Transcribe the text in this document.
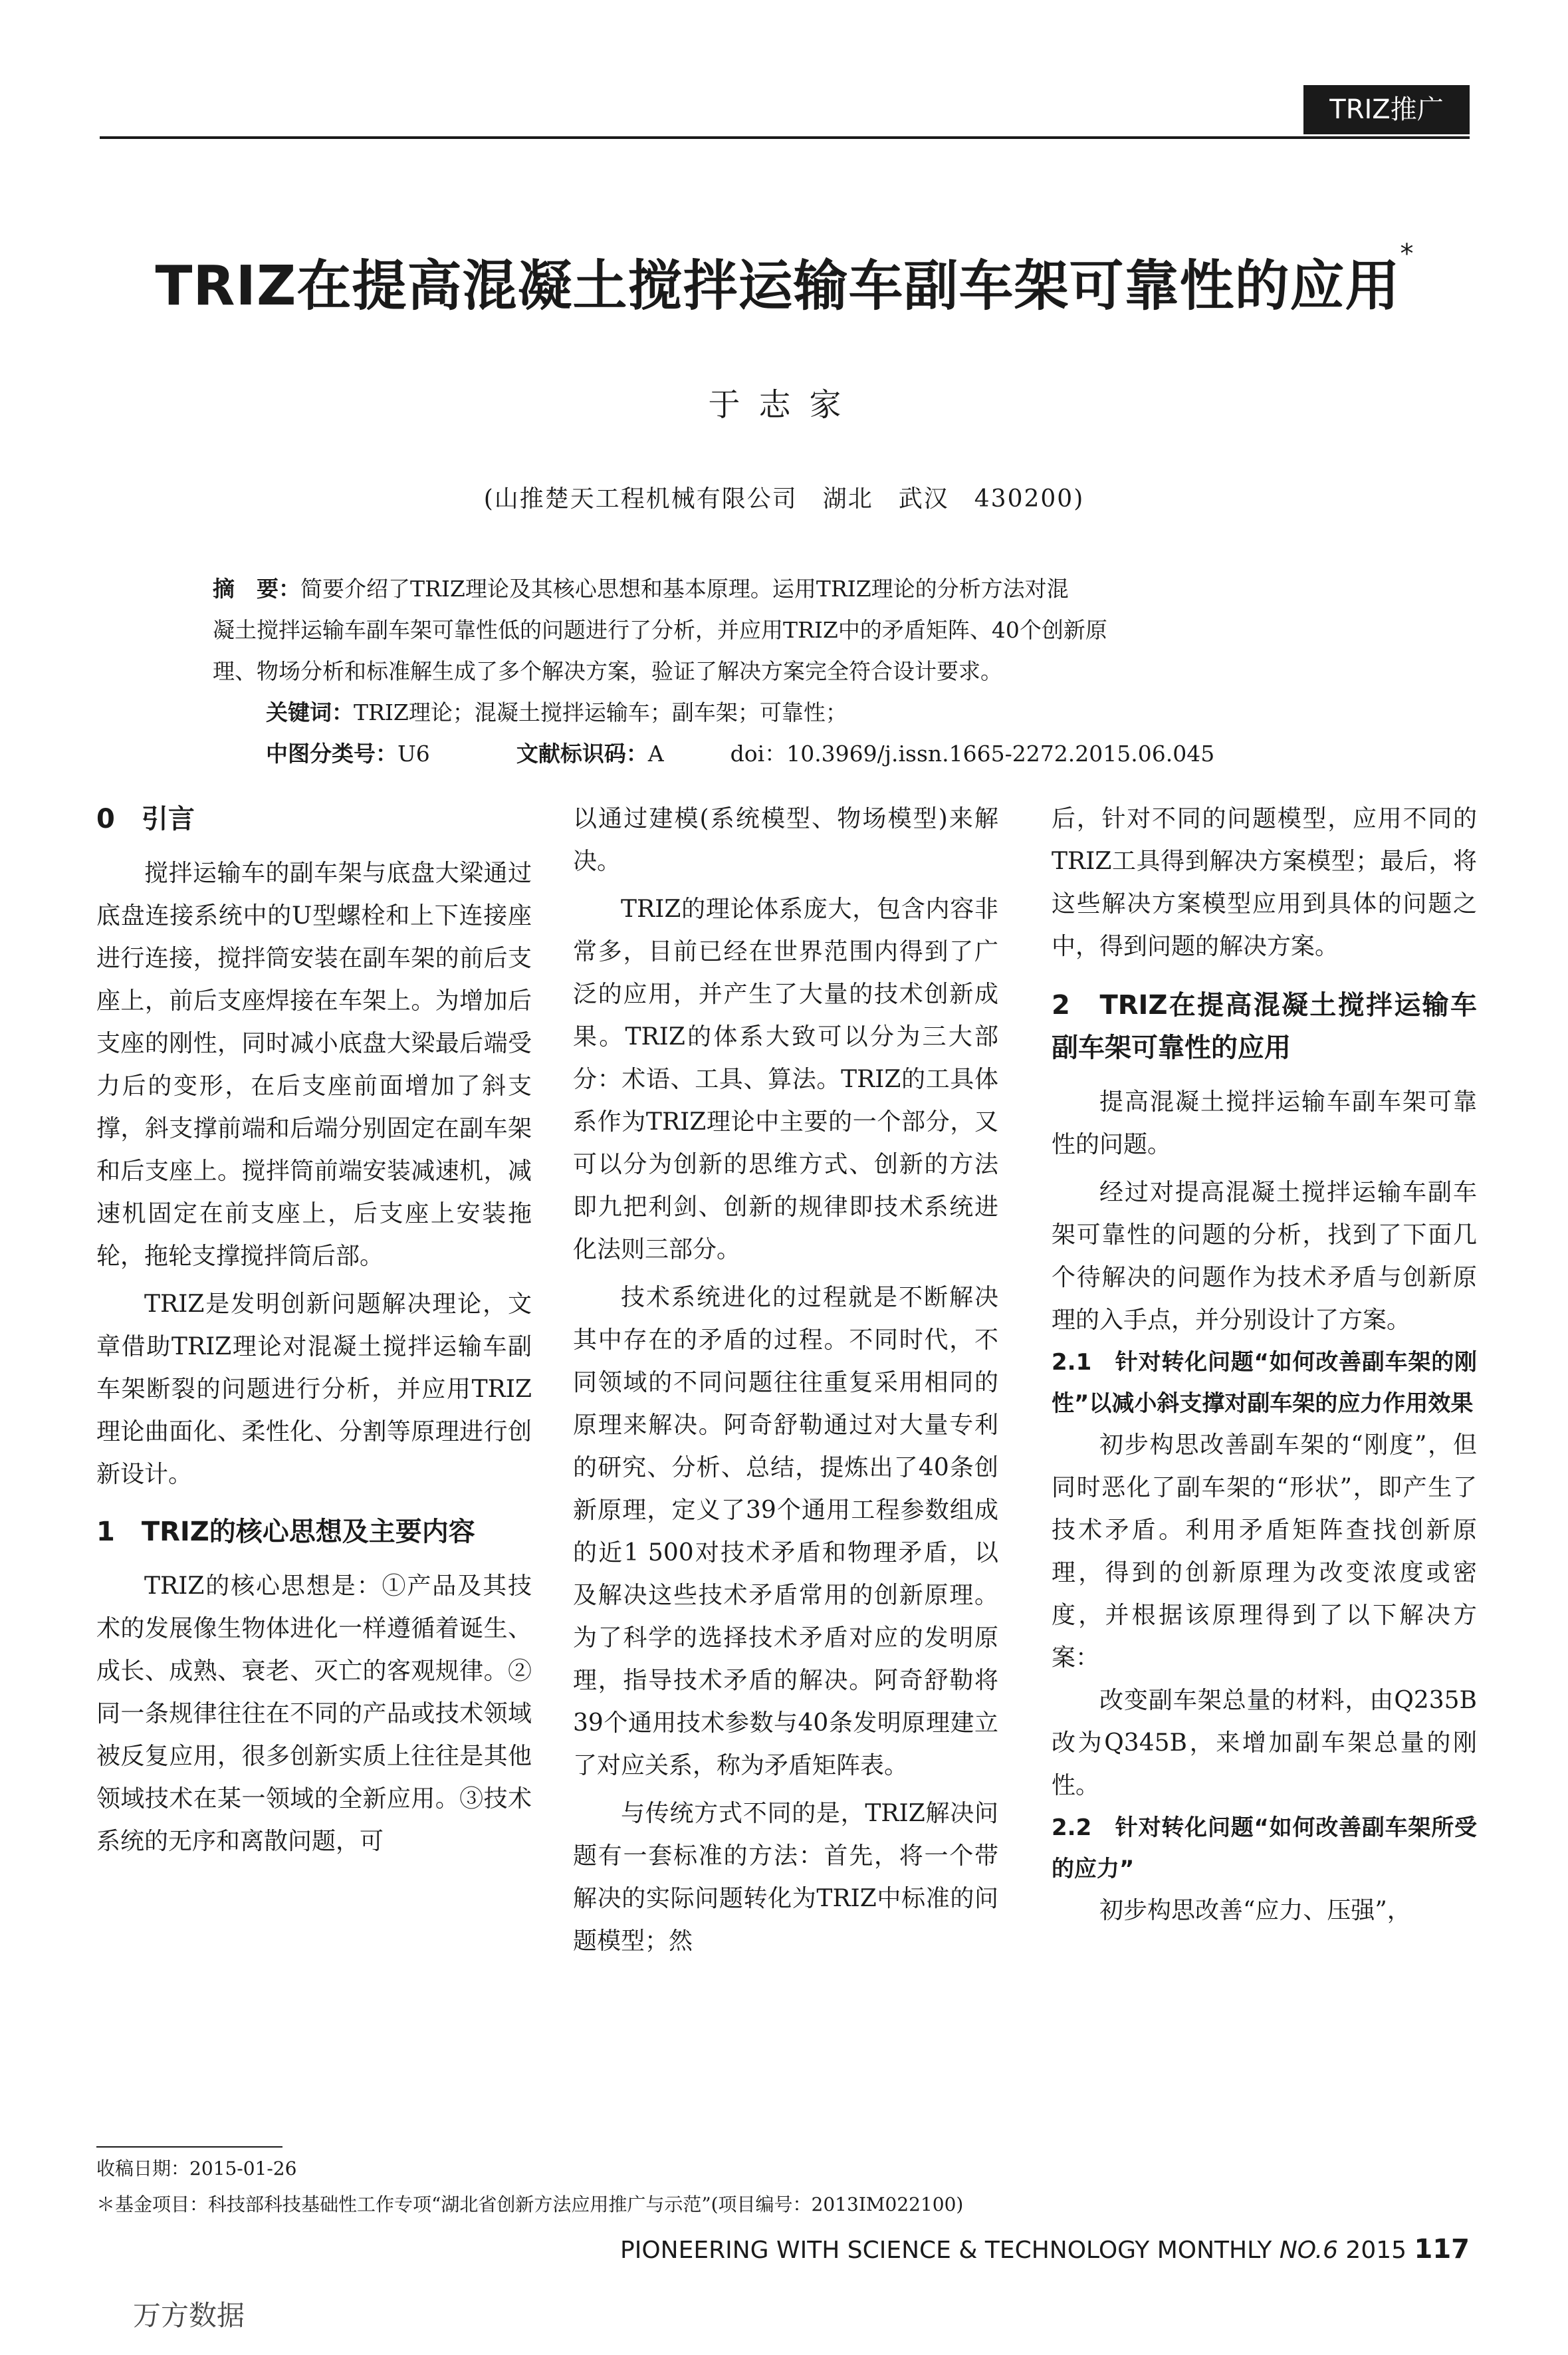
TRIZ推广
TRIZ在提高混凝土搅拌运输车副车架可靠性的应用*
于志家
(山推楚天工程机械有限公司　湖北　武汉　430200)
摘　要：简要介绍了TRIZ理论及其核心思想和基本原理。运用TRIZ理论的分析方法对混
凝土搅拌运输车副车架可靠性低的问题进行了分析，并应用TRIZ中的矛盾矩阵、40个创新原
理、物场分析和标准解生成了多个解决方案，验证了解决方案完全符合设计要求。
关键词：TRIZ理论；混凝土搅拌运输车；副车架；可靠性；
中图分类号：U6	文献标识码：A	doi：10.3969/j.issn.1665-2272.2015.06.045
0　引言

搅拌运输车的副车架与底盘大梁通过底盘连接系统中的U型螺栓和上下连接座进行连接，搅拌筒安装在副车架的前后支座上，前后支座焊接在车架上。为增加后支座的刚性，同时减小底盘大梁最后端受力后的变形，在后支座前面增加了斜支撑，斜支撑前端和后端分别固定在副车架和后支座上。搅拌筒前端安装减速机，减速机固定在前支座上，后支座上安装拖轮，拖轮支撑搅拌筒后部。

TRIZ是发明创新问题解决理论，文章借助TRIZ理论对混凝土搅拌运输车副车架断裂的问题进行分析，并应用TRIZ理论曲面化、柔性化、分割等原理进行创新设计。

1　TRIZ的核心思想及主要内容

TRIZ的核心思想是：①产品及其技术的发展像生物体进化一样遵循着诞生、成长、成熟、衰老、灭亡的客观规律。②同一条规律往往在不同的产品或技术领域被反复应用，很多创新实质上往往是其他领域技术在某一领域的全新应用。③技术系统的无序和离散问题，可

以通过建模(系统模型、物场模型)来解决。

TRIZ的理论体系庞大，包含内容非常多，目前已经在世界范围内得到了广泛的应用，并产生了大量的技术创新成果。TRIZ的体系大致可以分为三大部分：术语、工具、算法。TRIZ的工具体系作为TRIZ理论中主要的一个部分，又可以分为创新的思维方式、创新的方法即九把利剑、创新的规律即技术系统进化法则三部分。

技术系统进化的过程就是不断解决其中存在的矛盾的过程。不同时代，不同领域的不同问题往往重复采用相同的原理来解决。阿奇舒勒通过对大量专利的研究、分析、总结，提炼出了40条创新原理，定义了39个通用工程参数组成的近1 500对技术矛盾和物理矛盾，以及解决这些技术矛盾常用的创新原理。为了科学的选择技术矛盾对应的发明原理，指导技术矛盾的解决。阿奇舒勒将39个通用技术参数与40条发明原理建立了对应关系，称为矛盾矩阵表。

与传统方式不同的是，TRIZ解决问题有一套标准的方法：首先，将一个带解决的实际问题转化为TRIZ中标准的问题模型；然

后，针对不同的问题模型，应用不同的TRIZ工具得到解决方案模型；最后，将这些解决方案模型应用到具体的问题之中，得到问题的解决方案。

2　TRIZ在提高混凝土搅拌运输车副车架可靠性的应用

提高混凝土搅拌运输车副车架可靠性的问题。

经过对提高混凝土搅拌运输车副车架可靠性的问题的分析，找到了下面几个待解决的问题作为技术矛盾与创新原理的入手点，并分别设计了方案。

2.1　针对转化问题“如何改善副车架的刚性”以减小斜支撑对副车架的应力作用效果

初步构思改善副车架的“刚度”，但同时恶化了副车架的“形状”，即产生了技术矛盾。利用矛盾矩阵查找创新原理，得到的创新原理为改变浓度或密度，并根据该原理得到了以下解决方案：

改变副车架总量的材料，由Q235B改为Q345B，来增加副车架总量的刚性。

2.2　针对转化问题“如何改善副车架所受的应力”

初步构思改善“应力、压强”，

收稿日期：2015-01-26
＊基金项目：科技部科技基础性工作专项“湖北省创新方法应用推广与示范”(项目编号：2013IM022100)
PIONEERING WITH SCIENCE & TECHNOLOGY MONTHLY NO.6 2015 117
万方数据
